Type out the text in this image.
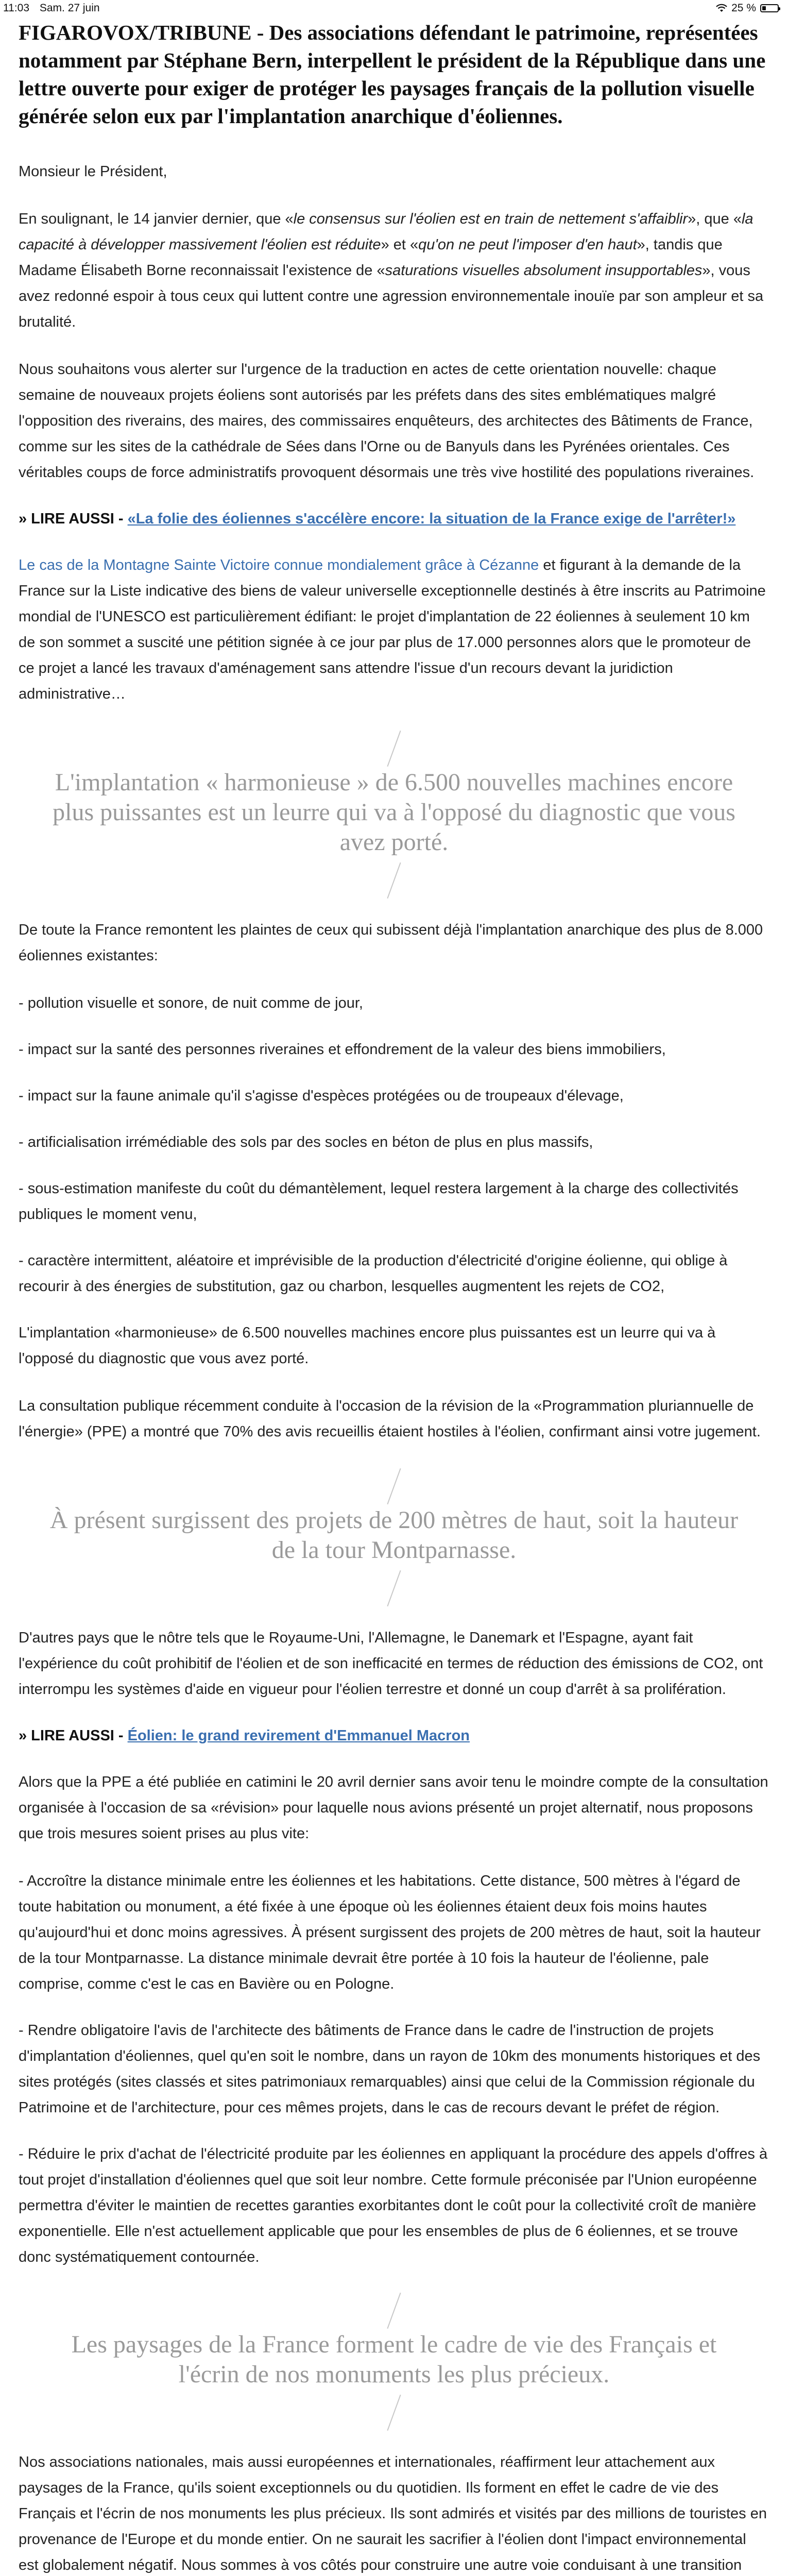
11:03 Sam. 27 juin	25 %

FIGAROVOX/TRIBUNE - Des associations défendant le patrimoine, représentées notamment par Stéphane Bern, interpellent le président de la République dans une lettre ouverte pour exiger de protéger les paysages français de la pollution visuelle générée selon eux par l'implantation anarchique d'éoliennes.

Monsieur le Président,

En soulignant, le 14 janvier dernier, que «le consensus sur l'éolien est en train de nettement s'affaiblir», que «la capacité à développer massivement l'éolien est réduite» et «qu'on ne peut l'imposer d'en haut», tandis que Madame Élisabeth Borne reconnaissait l'existence de «saturations visuelles absolument insupportables», vous avez redonné espoir à tous ceux qui luttent contre une agression environnementale inouïe par son ampleur et sa brutalité.

Nous souhaitons vous alerter sur l'urgence de la traduction en actes de cette orientation nouvelle: chaque semaine de nouveaux projets éoliens sont autorisés par les préfets dans des sites emblématiques malgré l'opposition des riverains, des maires, des commissaires enquêteurs, des architectes des Bâtiments de France, comme sur les sites de la cathédrale de Sées dans l'Orne ou de Banyuls dans les Pyrénées orientales. Ces véritables coups de force administratifs provoquent désormais une très vive hostilité des populations riveraines.

» LIRE AUSSI - «La folie des éoliennes s'accélère encore: la situation de la France exige de l'arrêter!»

Le cas de la Montagne Sainte Victoire connue mondialement grâce à Cézanne et figurant à la demande de la France sur la Liste indicative des biens de valeur universelle exceptionnelle destinés à être inscrits au Patrimoine mondial de l'UNESCO est particulièrement édifiant: le projet d'implantation de 22 éoliennes à seulement 10 km de son sommet a suscité une pétition signée à ce jour par plus de 17.000 personnes alors que le promoteur de ce projet a lancé les travaux d'aménagement sans attendre l'issue d'un recours devant la juridiction administrative…

L'implantation « harmonieuse » de 6.500 nouvelles machines encore plus puissantes est un leurre qui va à l'opposé du diagnostic que vous avez porté.

De toute la France remontent les plaintes de ceux qui subissent déjà l'implantation anarchique des plus de 8.000 éoliennes existantes:

- pollution visuelle et sonore, de nuit comme de jour,
- impact sur la santé des personnes riveraines et effondrement de la valeur des biens immobiliers,
- impact sur la faune animale qu'il s'agisse d'espèces protégées ou de troupeaux d'élevage,
- artificialisation irrémédiable des sols par des socles en béton de plus en plus massifs,
- sous-estimation manifeste du coût du démantèlement, lequel restera largement à la charge des collectivités publiques le moment venu,
- caractère intermittent, aléatoire et imprévisible de la production d'électricité d'origine éolienne, qui oblige à recourir à des énergies de substitution, gaz ou charbon, lesquelles augmentent les rejets de CO2,

L'implantation «harmonieuse» de 6.500 nouvelles machines encore plus puissantes est un leurre qui va à l'opposé du diagnostic que vous avez porté.

La consultation publique récemment conduite à l'occasion de la révision de la «Programmation pluriannuelle de l'énergie» (PPE) a montré que 70% des avis recueillis étaient hostiles à l'éolien, confirmant ainsi votre jugement.

À présent surgissent des projets de 200 mètres de haut, soit la hauteur de la tour Montparnasse.

D'autres pays que le nôtre tels que le Royaume-Uni, l'Allemagne, le Danemark et l'Espagne, ayant fait l'expérience du coût prohibitif de l'éolien et de son inefficacité en termes de réduction des émissions de CO2, ont interrompu les systèmes d'aide en vigueur pour l'éolien terrestre et donné un coup d'arrêt à sa prolifération.

» LIRE AUSSI - Éolien: le grand revirement d'Emmanuel Macron

Alors que la PPE a été publiée en catimini le 20 avril dernier sans avoir tenu le moindre compte de la consultation organisée à l'occasion de sa «révision» pour laquelle nous avions présenté un projet alternatif, nous proposons que trois mesures soient prises au plus vite:

- Accroître la distance minimale entre les éoliennes et les habitations. Cette distance, 500 mètres à l'égard de toute habitation ou monument, a été fixée à une époque où les éoliennes étaient deux fois moins hautes qu'aujourd'hui et donc moins agressives. À présent surgissent des projets de 200 mètres de haut, soit la hauteur de la tour Montparnasse. La distance minimale devrait être portée à 10 fois la hauteur de l'éolienne, pale comprise, comme c'est le cas en Bavière ou en Pologne.
- Rendre obligatoire l'avis de l'architecte des bâtiments de France dans le cadre de l'instruction de projets d'implantation d'éoliennes, quel qu'en soit le nombre, dans un rayon de 10km des monuments historiques et des sites protégés (sites classés et sites patrimoniaux remarquables) ainsi que celui de la Commission régionale du Patrimoine et de l'architecture, pour ces mêmes projets, dans le cas de recours devant le préfet de région.
- Réduire le prix d'achat de l'électricité produite par les éoliennes en appliquant la procédure des appels d'offres à tout projet d'installation d'éoliennes quel que soit leur nombre. Cette formule préconisée par l'Union européenne permettra d'éviter le maintien de recettes garanties exorbitantes dont le coût pour la collectivité croît de manière exponentielle. Elle n'est actuellement applicable que pour les ensembles de plus de 6 éoliennes, et se trouve donc systématiquement contournée.
Les paysages de la France forment le cadre de vie des Français et l'écrin de nos monuments les plus précieux.

Nos associations nationales, mais aussi européennes et internationales, réaffirment leur attachement aux paysages de la France, qu'ils soient exceptionnels ou du quotidien. Ils forment en effet le cadre de vie des Français et l'écrin de nos monuments les plus précieux. Ils sont admirés et visités par des millions de touristes en provenance de l'Europe et du monde entier. On ne saurait les sacrifier à l'éolien dont l'impact environnemental est globalement négatif. Nous sommes à vos côtés pour construire une autre voie conduisant à une transition
